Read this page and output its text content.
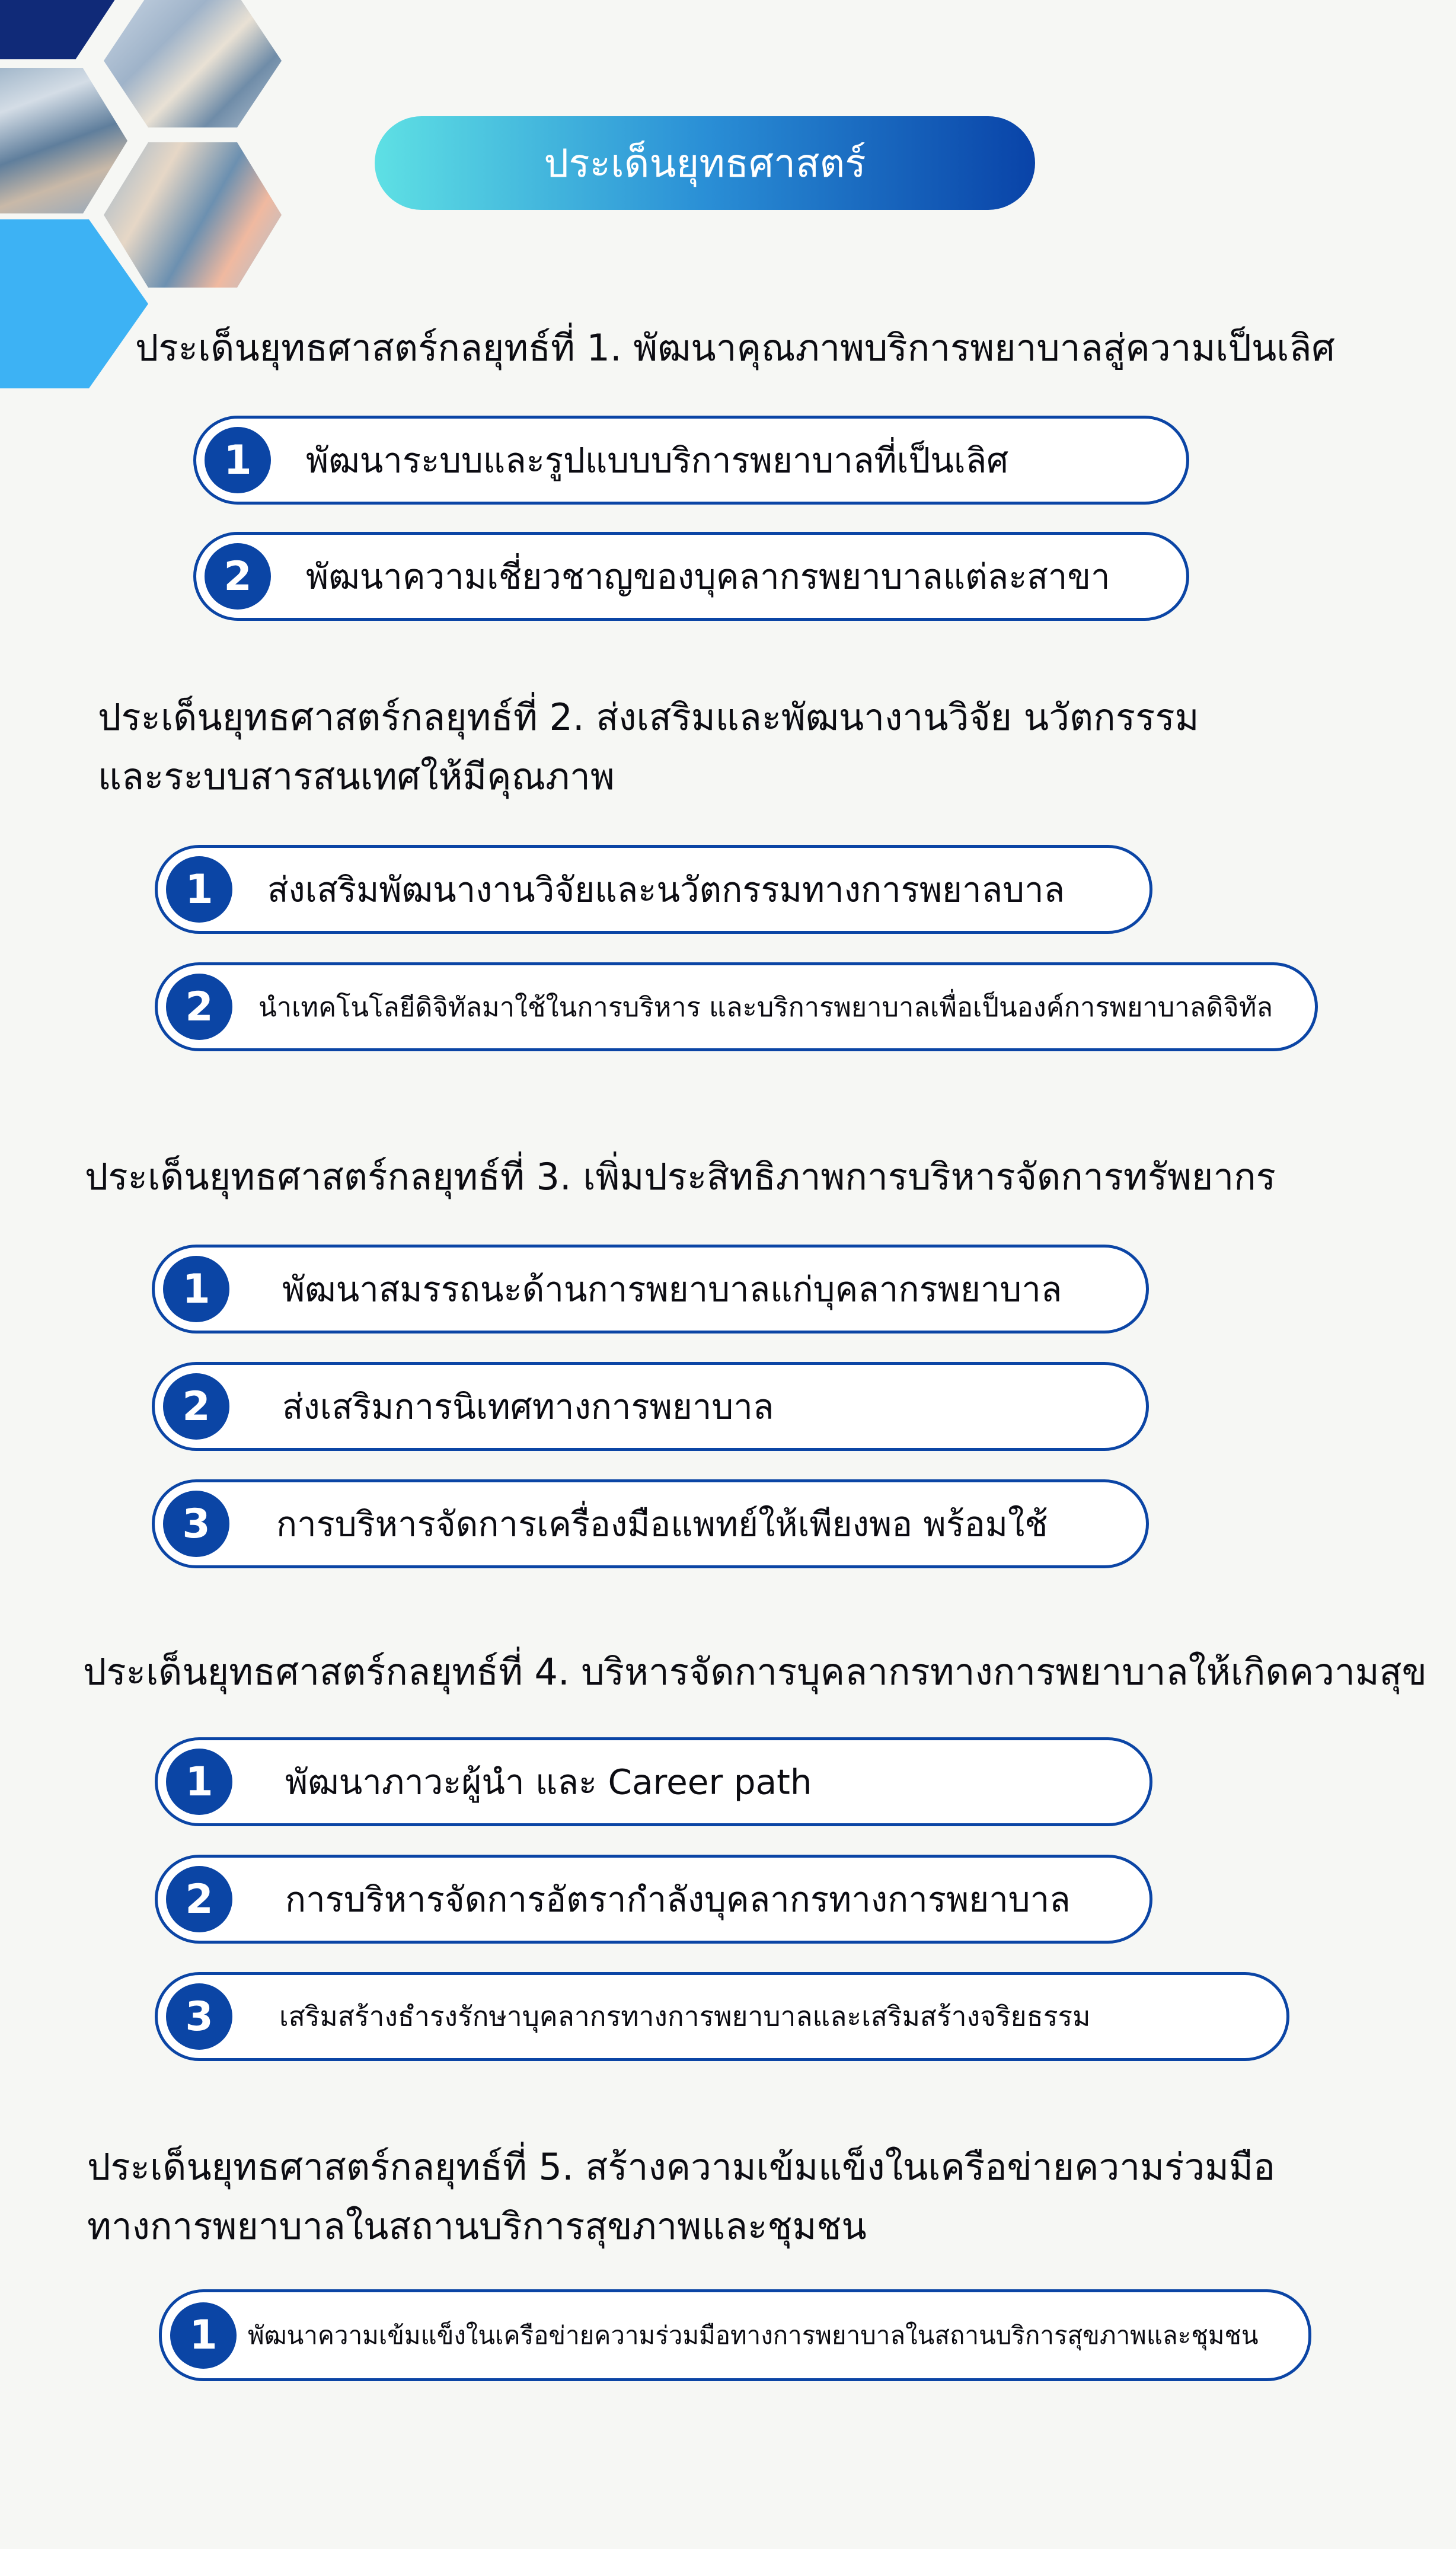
ประเด็นยุทธศาสตร์
ประเด็นยุทธศาสตร์กลยุทธ์ที่ 1. พัฒนาคุณภาพบริการพยาบาลสู่ความเป็นเลิศ
1	พัฒนาระบบและรูปแบบบริการพยาบาลที่เป็นเลิศ
2	พัฒนาความเชี่ยวชาญของบุคลากรพยาบาลแต่ละสาขา
ประเด็นยุทธศาสตร์กลยุทธ์ที่ 2. ส่งเสริมและพัฒนางานวิจัย นวัตกรรรม
และระบบสารสนเทศให้มีคุณภาพ
1	ส่งเสริมพัฒนางานวิจัยและนวัตกรรมทางการพยาลบาล
2	นำเทคโนโลยีดิจิทัลมาใช้ในการบริหาร และบริการพยาบาลเพื่อเป็นองค์การพยาบาลดิจิทัล
ประเด็นยุทธศาสตร์กลยุทธ์ที่ 3. เพิ่มประสิทธิภาพการบริหารจัดการทรัพยากร
1	พัฒนาสมรรถนะด้านการพยาบาลแก่บุคลากรพยาบาล
2	ส่งเสริมการนิเทศทางการพยาบาล
3	การบริหารจัดการเครื่องมือแพทย์ให้เพียงพอ พร้อมใช้
ประเด็นยุทธศาสตร์กลยุทธ์ที่ 4. บริหารจัดการบุคลากรทางการพยาบาลให้เกิดความสุข
1	พัฒนาภาวะผู้นำ และ Career path
2	การบริหารจัดการอัตรากำลังบุคลากรทางการพยาบาล
3	เสริมสร้างธำรงรักษาบุคลากรทางการพยาบาลและเสริมสร้างจริยธรรม
ประเด็นยุทธศาสตร์กลยุทธ์ที่ 5. สร้างความเข้มแข็งในเครือข่ายความร่วมมือ
ทางการพยาบาลในสถานบริการสุขภาพและชุมชน
1	พัฒนาความเข้มแข็งในเครือข่ายความร่วมมือทางการพยาบาลในสถานบริการสุขภาพและชุมชน
